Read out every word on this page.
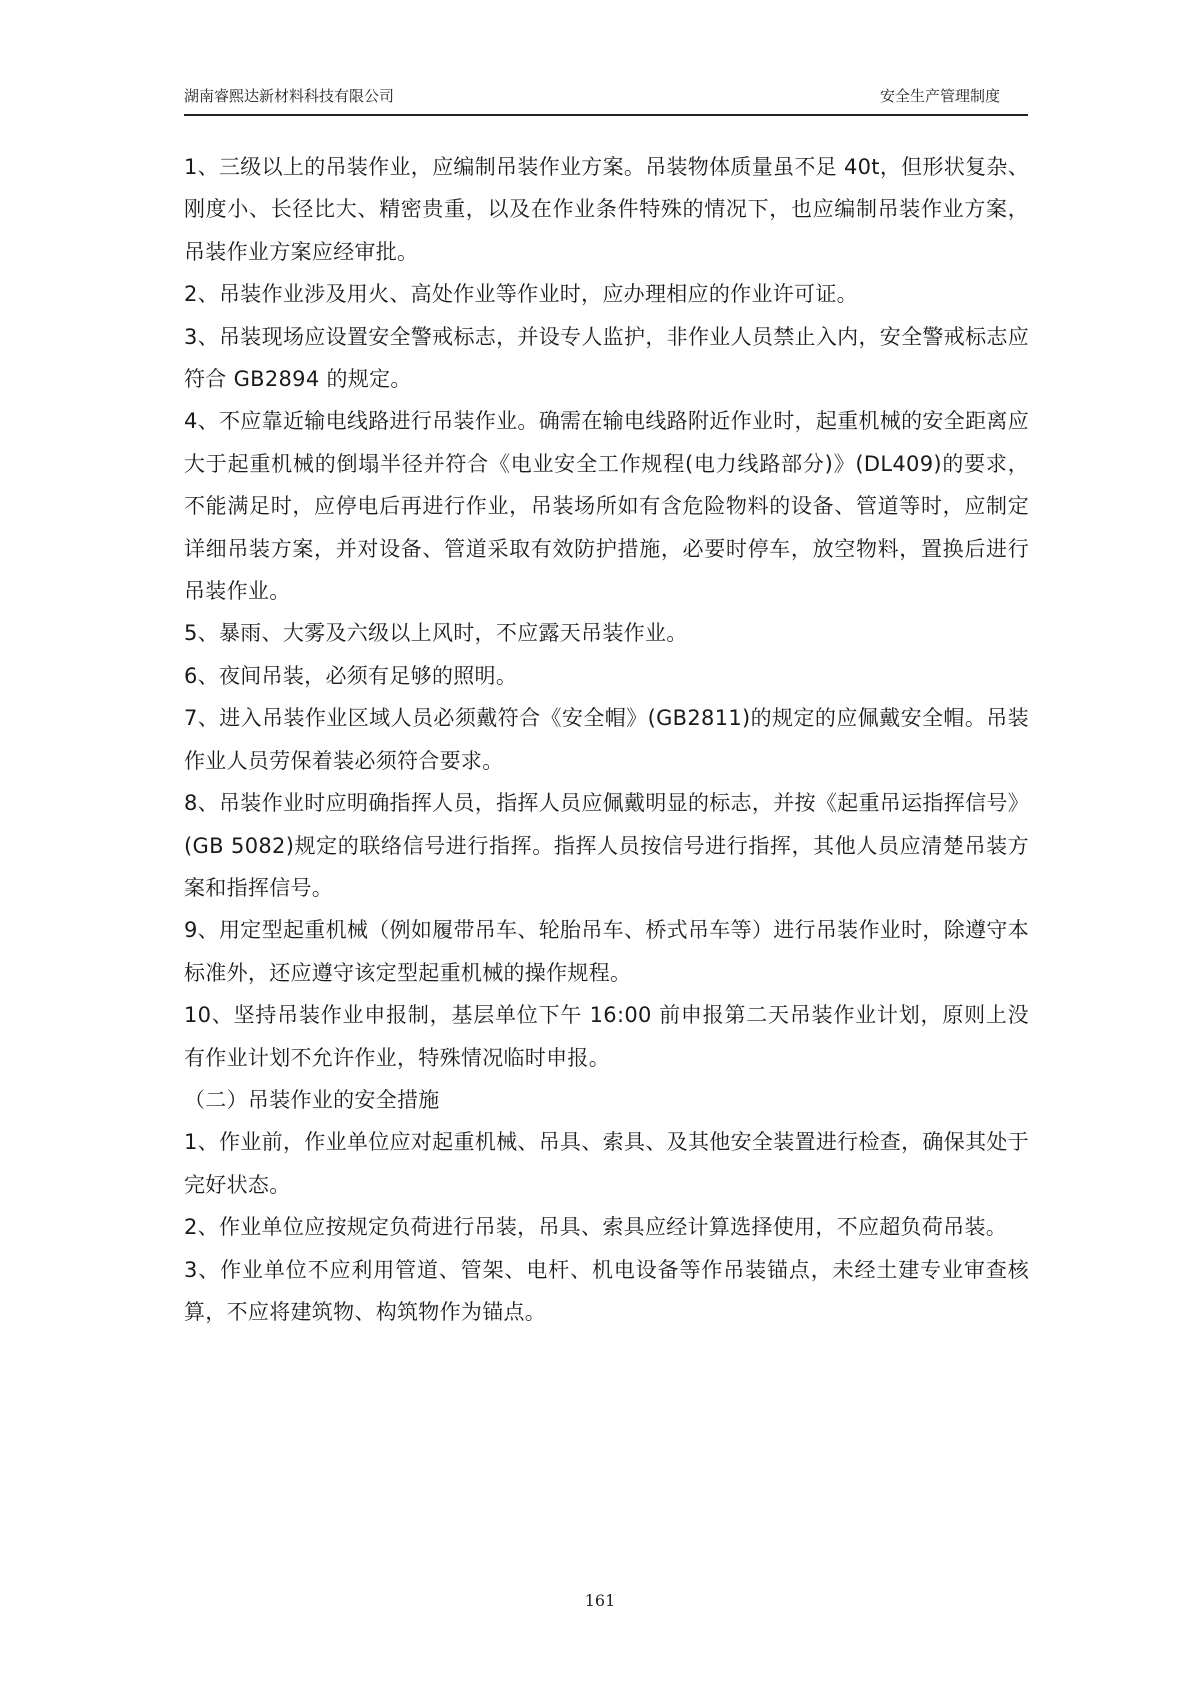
湖南睿熙达新材料科技有限公司	安全生产管理制度

1、三级以上的吊装作业，应编制吊装作业方案。吊装物体质量虽不足 40t，但形状复杂、刚度小、长径比大、精密贵重，以及在作业条件特殊的情况下，也应编制吊装作业方案，吊装作业方案应经审批。

2、吊装作业涉及用火、高处作业等作业时，应办理相应的作业许可证。

3、吊装现场应设置安全警戒标志，并设专人监护，非作业人员禁止入内，安全警戒标志应符合 GB2894 的规定。

4、不应靠近输电线路进行吊装作业。确需在输电线路附近作业时，起重机械的安全距离应大于起重机械的倒塌半径并符合《电业安全工作规程(电力线路部分)》(DL409)的要求，不能满足时，应停电后再进行作业，吊装场所如有含危险物料的设备、管道等时，应制定详细吊装方案，并对设备、管道采取有效防护措施，必要时停车，放空物料，置换后进行吊装作业。

5、暴雨、大雾及六级以上风时，不应露天吊装作业。

6、夜间吊装，必须有足够的照明。

7、进入吊装作业区域人员必须戴符合《安全帽》(GB2811)的规定的应佩戴安全帽。吊装作业人员劳保着装必须符合要求。

8、吊装作业时应明确指挥人员，指挥人员应佩戴明显的标志，并按《起重吊运指挥信号》(GB 5082)规定的联络信号进行指挥。指挥人员按信号进行指挥，其他人员应清楚吊装方案和指挥信号。

9、用定型起重机械（例如履带吊车、轮胎吊车、桥式吊车等）进行吊装作业时，除遵守本标准外，还应遵守该定型起重机械的操作规程。

10、坚持吊装作业申报制，基层单位下午 16:00 前申报第二天吊装作业计划，原则上没有作业计划不允许作业，特殊情况临时申报。

（二）吊装作业的安全措施

1、作业前，作业单位应对起重机械、吊具、索具、及其他安全装置进行检查，确保其处于完好状态。

2、作业单位应按规定负荷进行吊装，吊具、索具应经计算选择使用，不应超负荷吊装。

3、作业单位不应利用管道、管架、电杆、机电设备等作吊装锚点，未经土建专业审查核算，不应将建筑物、构筑物作为锚点。

161
